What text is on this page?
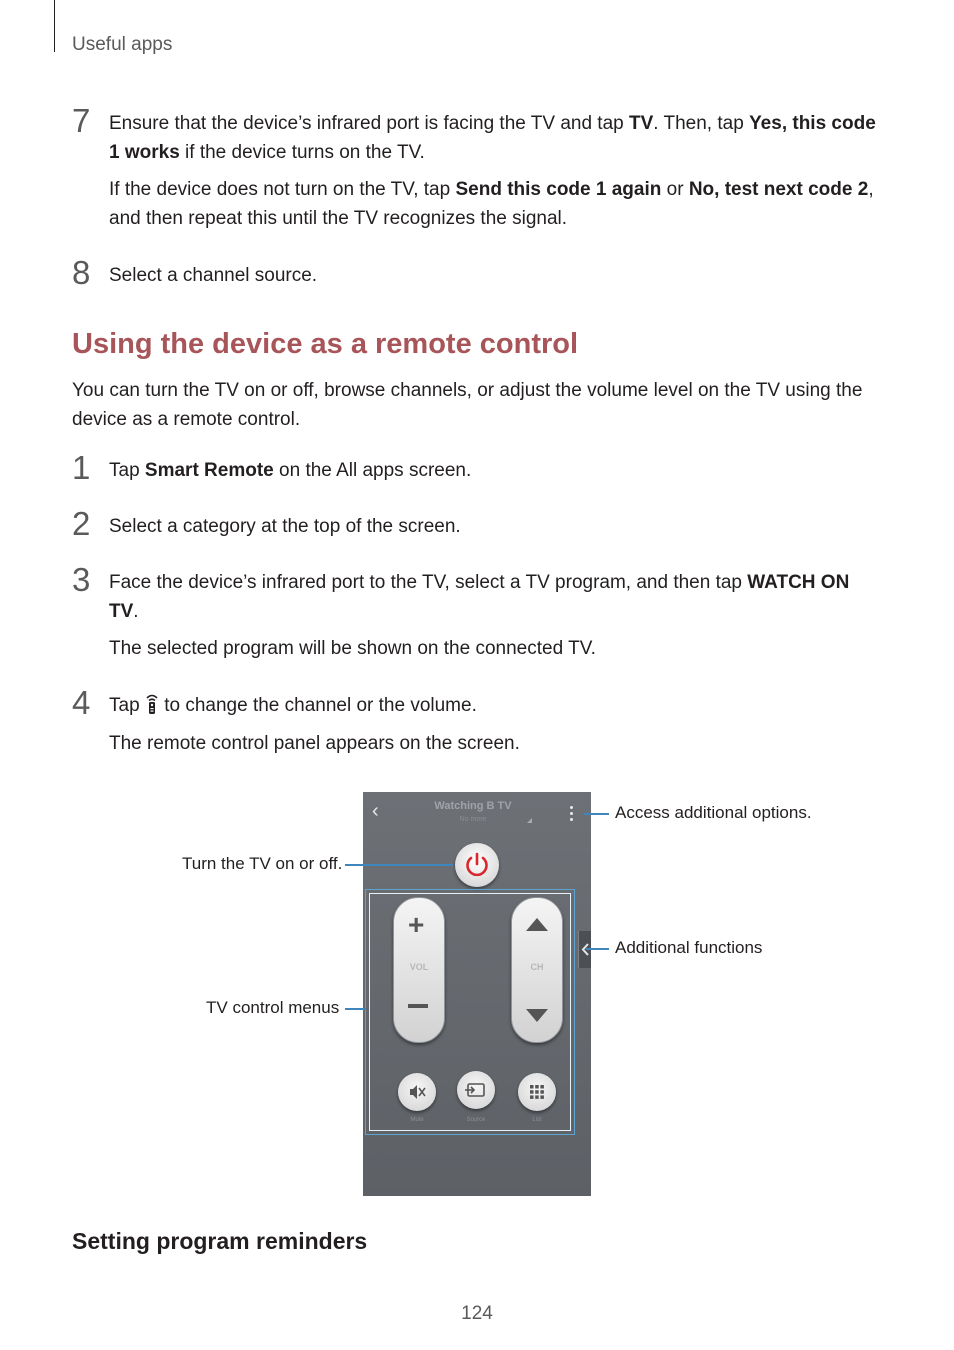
Useful apps
7 Ensure that the device’s infrared port is facing the TV and tap TV. Then, tap Yes, this code 1 works if the device turns on the TV.

If the device does not turn on the TV, tap Send this code 1 again or No, test next code 2, and then repeat this until the TV recognizes the signal.

8 Select a channel source.
Using the device as a remote control
You can turn the TV on or off, browse channels, or adjust the volume level on the TV using the device as a remote control.
1 Tap Smart Remote on the All apps screen.
2 Select a category at the top of the screen.
3 Face the device’s infrared port to the TV, select a TV program, and then tap WATCH ON TV.

The selected program will be shown on the connected TV.

4 Tap  to change the channel or the volume.

The remote control panel appears on the screen.

‹	Watching B TV
No more
+
VOL	CH
Mute	Source	List
Access additional options.
Turn the TV on or off.
Additional functions
TV control menus
Setting program reminders
124
